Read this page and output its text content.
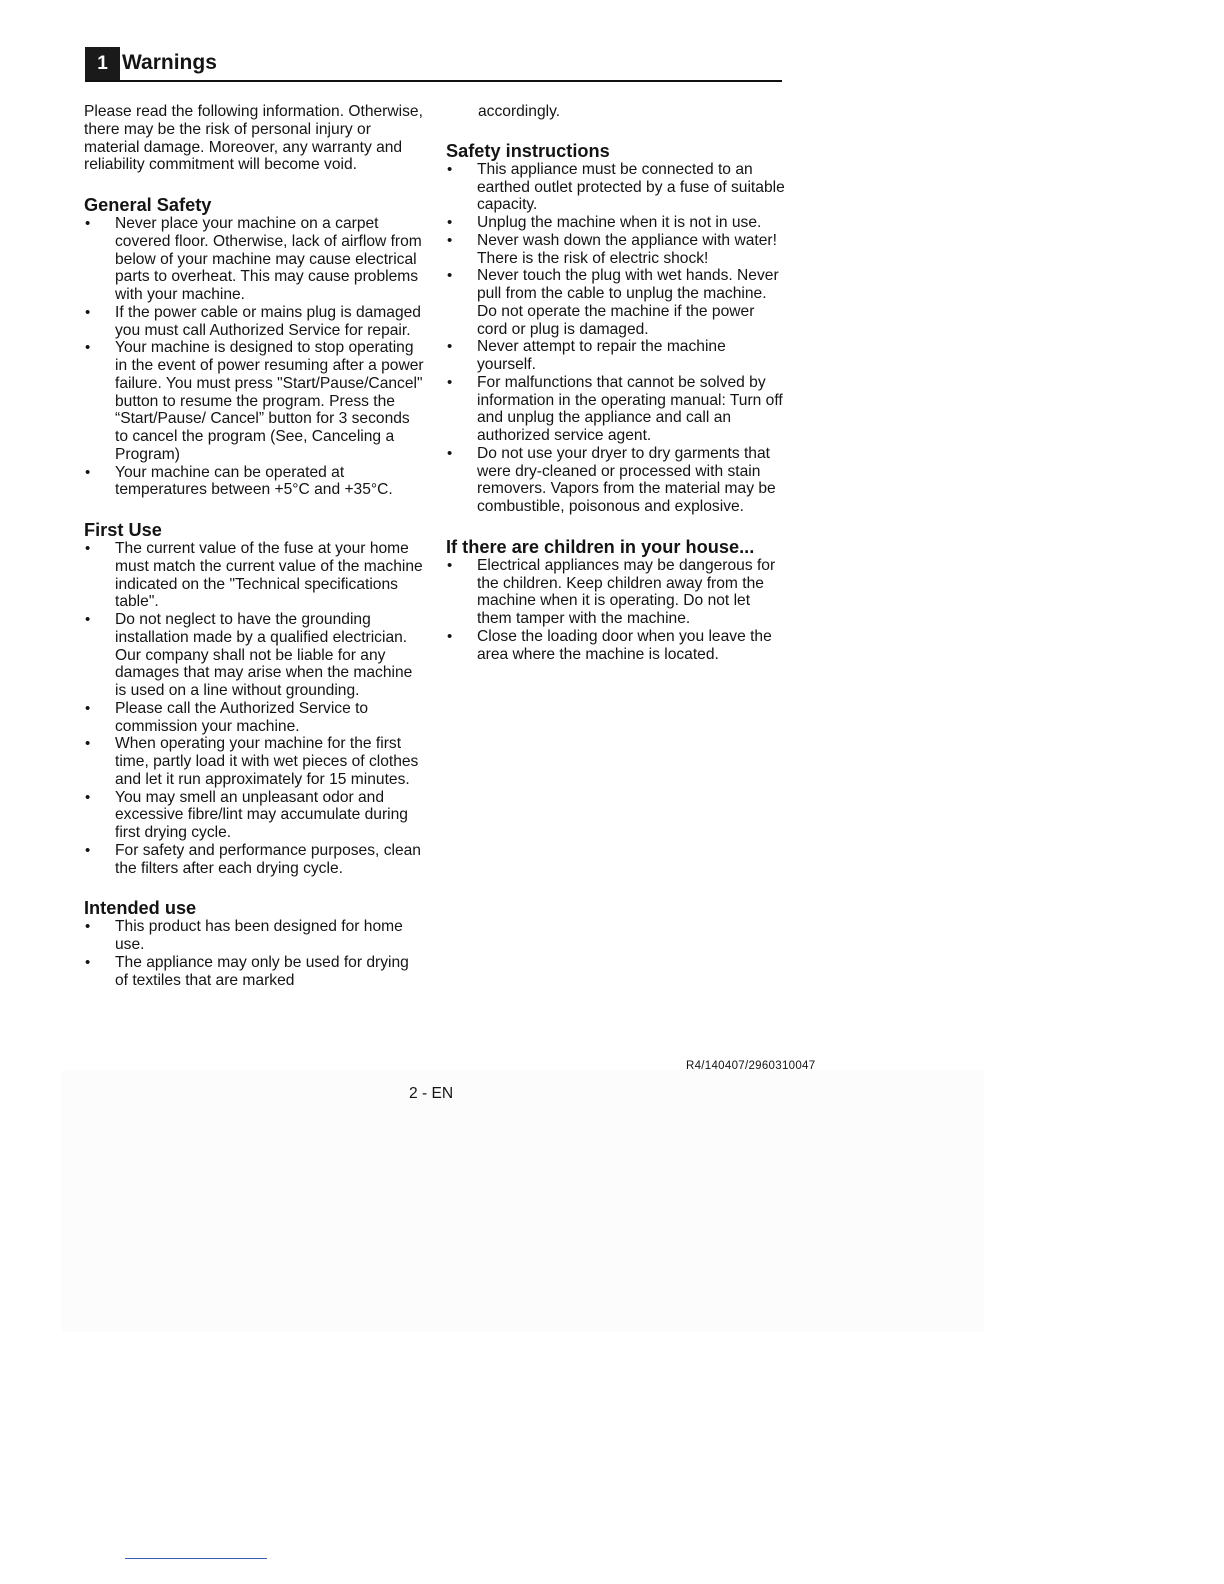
1 Warnings

Please read the following information. Otherwise, there may be the risk of personal injury or material damage. Moreover, any warranty and reliability commitment will become void.

General Safety
• Never place your machine on a carpet covered floor. Otherwise, lack of airflow from below of your machine may cause electrical parts to overheat. This may cause problems with your machine.
• If the power cable or mains plug is damaged you must call Authorized Service for repair.
• Your machine is designed to stop operating in the event of power resuming after a power failure. You must press "Start/Pause/Cancel" button to resume the program. Press the “Start/Pause/ Cancel” button for 3 seconds to cancel the program (See, Canceling a Program)
• Your machine can be operated at temperatures between +5°C and +35°C.
First Use
• The current value of the fuse at your home must match the current value of the machine indicated on the "Technical specifications table".
• Do not neglect to have the grounding installation made by a qualified electrician. Our company shall not be liable for any damages that may arise when the machine is used on a line without grounding.
• Please call the Authorized Service to commission your machine.
• When operating your machine for the first time, partly load it with wet pieces of clothes and let it run approximately for 15 minutes.
• You may smell an unpleasant odor and excessive fibre/lint may accumulate during first drying cycle.
• For safety and performance purposes, clean the filters after each drying cycle.
Intended use
• This product has been designed for home use.
• The appliance may only be used for drying of textiles that are marked

accordingly.

Safety instructions
• This appliance must be connected to an earthed outlet protected by a fuse of suitable capacity.
• Unplug the machine when it is not in use.
• Never wash down the appliance with water! There is the risk of electric shock!
• Never touch the plug with wet hands. Never pull from the cable to unplug the machine. Do not operate the machine if the power cord or plug is damaged.
• Never attempt to repair the machine yourself.
• For malfunctions that cannot be solved by information in the operating manual: Turn off and unplug the appliance and call an authorized service agent.
• Do not use your dryer to dry garments that were dry-cleaned or processed with stain removers. Vapors from the material may be combustible, poisonous and explosive.
If there are children in your house...
• Electrical appliances may be dangerous for the children. Keep children away from the machine when it is operating. Do not let them tamper with the machine.
• Close the loading door when you leave the area where the machine is located.
R4/140407/2960310047
2 - EN
